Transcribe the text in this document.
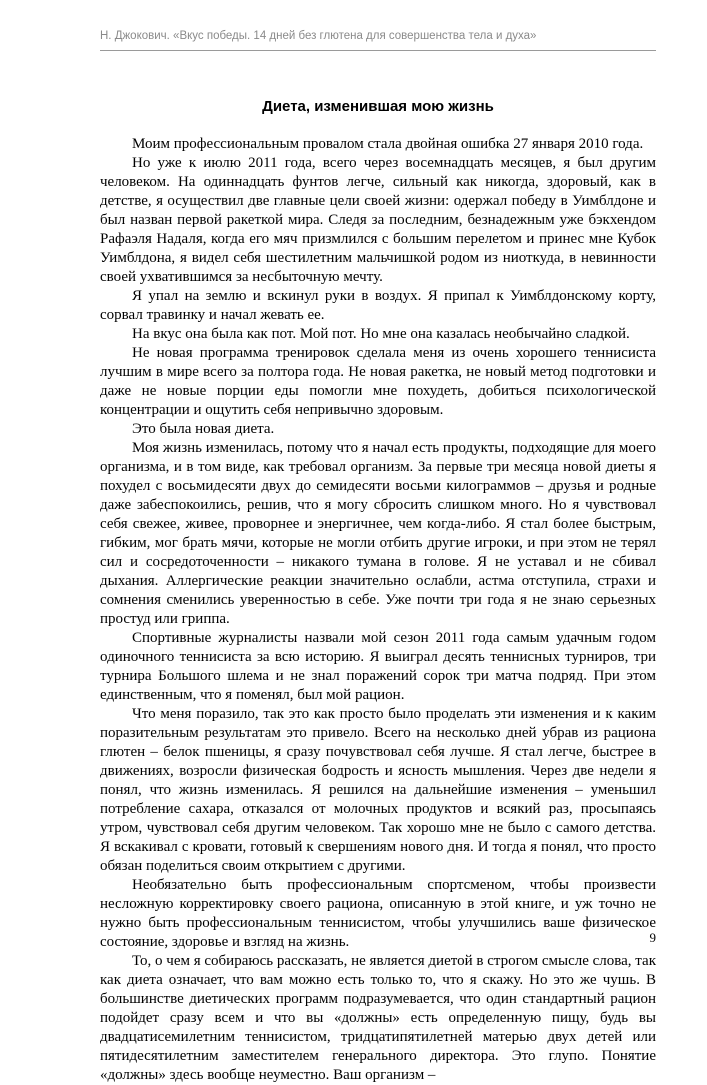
Н. Джокович. «Вкус победы. 14 дней без глютена для совершенства тела и духа»
Диета, изменившая мою жизнь

Моим профессиональным провалом стала двойная ошибка 27 января 2010 года.

Но уже к июлю 2011 года, всего через восемнадцать месяцев, я был другим человеком. На одиннадцать фунтов легче, сильный как никогда, здоровый, как в детстве, я осуществил две главные цели своей жизни: одержал победу в Уимблдоне и был назван первой ракеткой мира. Следя за последним, безнадежным уже бэкхендом Рафаэля Надаля, когда его мяч призмлился с большим перелетом и принес мне Кубок Уимблдона, я видел себя шестилетним мальчишкой родом из ниоткуда, в невинности своей ухватившимся за несбыточную мечту.

Я упал на землю и вскинул руки в воздух. Я припал к Уимблдонскому корту, сорвал травинку и начал жевать ее.

На вкус она была как пот. Мой пот. Но мне она казалась необычайно сладкой.

Не новая программа тренировок сделала меня из очень хорошего теннисиста лучшим в мире всего за полтора года. Не новая ракетка, не новый метод подготовки и даже не новые порции еды помогли мне похудеть, добиться психологической концентрации и ощутить себя непривычно здоровым.

Это была новая диета.

Моя жизнь изменилась, потому что я начал есть продукты, подходящие для моего организма, и в том виде, как требовал организм. За первые три месяца новой диеты я похудел с восьмидесяти двух до семидесяти восьми килограммов – друзья и родные даже забеспокоились, решив, что я могу сбросить слишком много. Но я чувствовал себя свежее, живее, проворнее и энергичнее, чем когда-либо. Я стал более быстрым, гибким, мог брать мячи, которые не могли отбить другие игроки, и при этом не терял сил и сосредоточенности – никакого тумана в голове. Я не уставал и не сбивал дыхания. Аллергические реакции значительно ослабли, астма отступила, страхи и сомнения сменились уверенностью в себе. Уже почти три года я не знаю серьезных простуд или гриппа.

Спортивные журналисты назвали мой сезон 2011 года самым удачным годом одиночного теннисиста за всю историю. Я выиграл десять теннисных турниров, три турнира Большого шлема и не знал поражений сорок три матча подряд. При этом единственным, что я поменял, был мой рацион.

Что меня поразило, так это как просто было проделать эти изменения и к каким поразительным результатам это привело. Всего на несколько дней убрав из рациона глютен – белок пшеницы, я сразу почувствовал себя лучше. Я стал легче, быстрее в движениях, возросли физическая бодрость и ясность мышления. Через две недели я понял, что жизнь изменилась. Я решился на дальнейшие изменения – уменьшил потребление сахара, отказался от молочных продуктов и всякий раз, просыпаясь утром, чувствовал себя другим человеком. Так хорошо мне не было с самого детства. Я вскакивал с кровати, готовый к свершениям нового дня. И тогда я понял, что просто обязан поделиться своим открытием с другими.

Необязательно быть профессиональным спортсменом, чтобы произвести несложную корректировку своего рациона, описанную в этой книге, и уж точно не нужно быть профессиональным теннисистом, чтобы улучшились ваше физическое состояние, здоровье и взгляд на жизнь.

То, о чем я собираюсь рассказать, не является диетой в строгом смысле слова, так как диета означает, что вам можно есть только то, что я скажу. Но это же чушь. В большинстве диетических программ подразумевается, что один стандартный рацион подойдет сразу всем и что вы «должны» есть определенную пищу, будь вы двадцатисемилетним теннисистом, тридцатипятилетней матерью двух детей или пятидесятилетним заместителем генерального директора. Это глупо. Понятие «должны» здесь вообще неуместно. Ваш организм –

9
